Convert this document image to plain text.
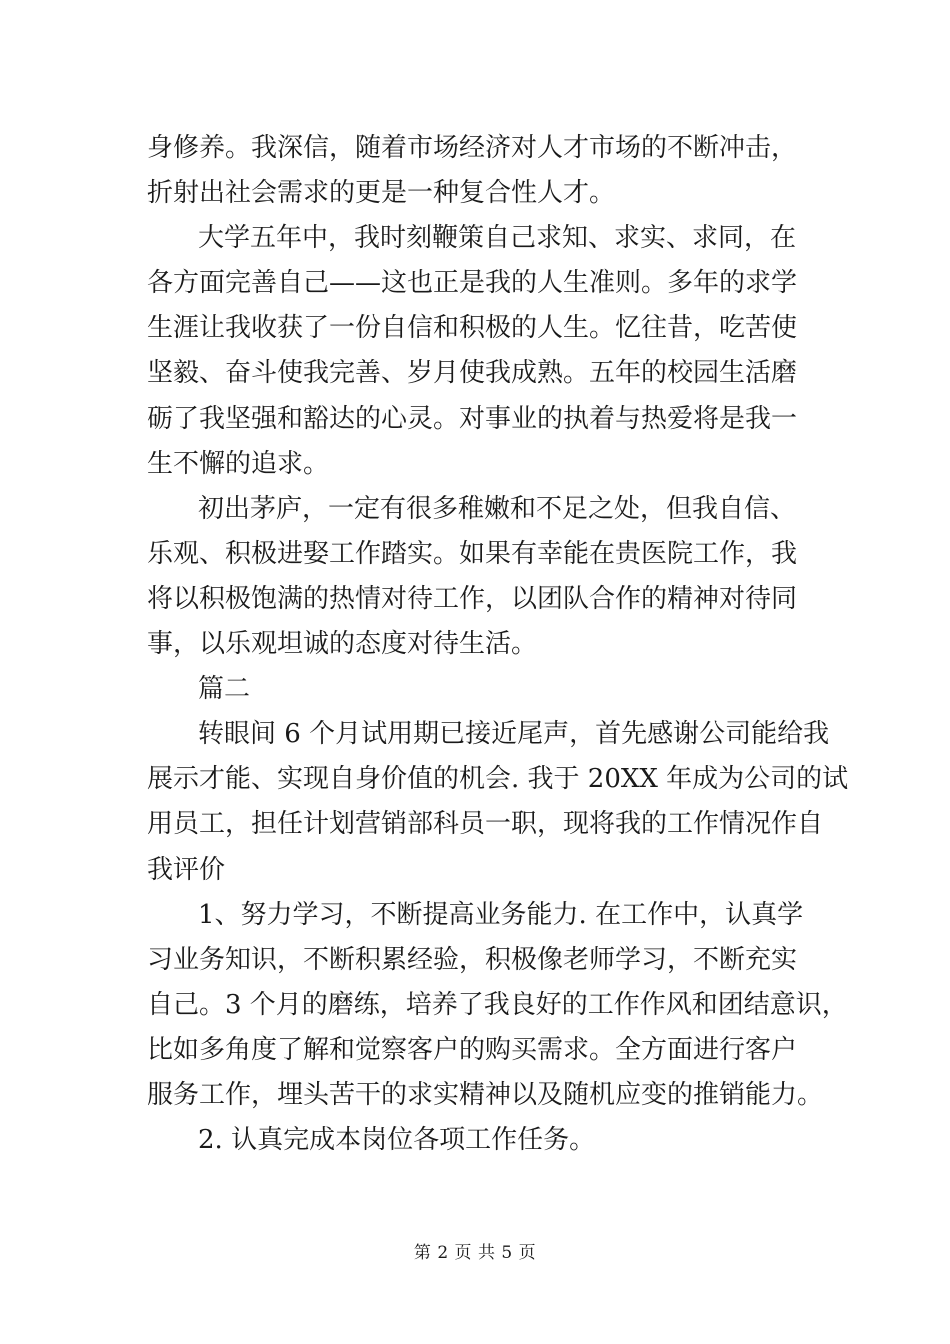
身修养。我深信，随着市场经济对人才市场的不断冲击，
折射出社会需求的更是一种复合性人才。
大学五年中，我时刻鞭策自己求知、求实、求同，在
各方面完善自己——这也正是我的人生准则。多年的求学
生涯让我收获了一份自信和积极的人生。忆往昔，吃苦使
坚毅、奋斗使我完善、岁月使我成熟。五年的校园生活磨
砺了我坚强和豁达的心灵。对事业的执着与热爱将是我一
生不懈的追求。
初出茅庐，一定有很多稚嫩和不足之处，但我自信、
乐观、积极进娶工作踏实。如果有幸能在贵医院工作，我
将以积极饱满的热情对待工作，以团队合作的精神对待同
事，以乐观坦诚的态度对待生活。
篇二
转眼间 6 个月试用期已接近尾声，首先感谢公司能给我
展示才能、实现自身价值的机会. 我于 20XX 年成为公司的试
用员工，担任计划营销部科员一职，现将我的工作情况作自
我评价
1、努力学习，不断提高业务能力. 在工作中，认真学
习业务知识，不断积累经验，积极像老师学习，不断充实
自己。3 个月的磨练，培养了我良好的工作作风和团结意识，
比如多角度了解和觉察客户的购买需求。全方面进行客户
服务工作，埋头苦干的求实精神以及随机应变的推销能力。
2. 认真完成本岗位各项工作任务。
第 2 页 共 5 页
